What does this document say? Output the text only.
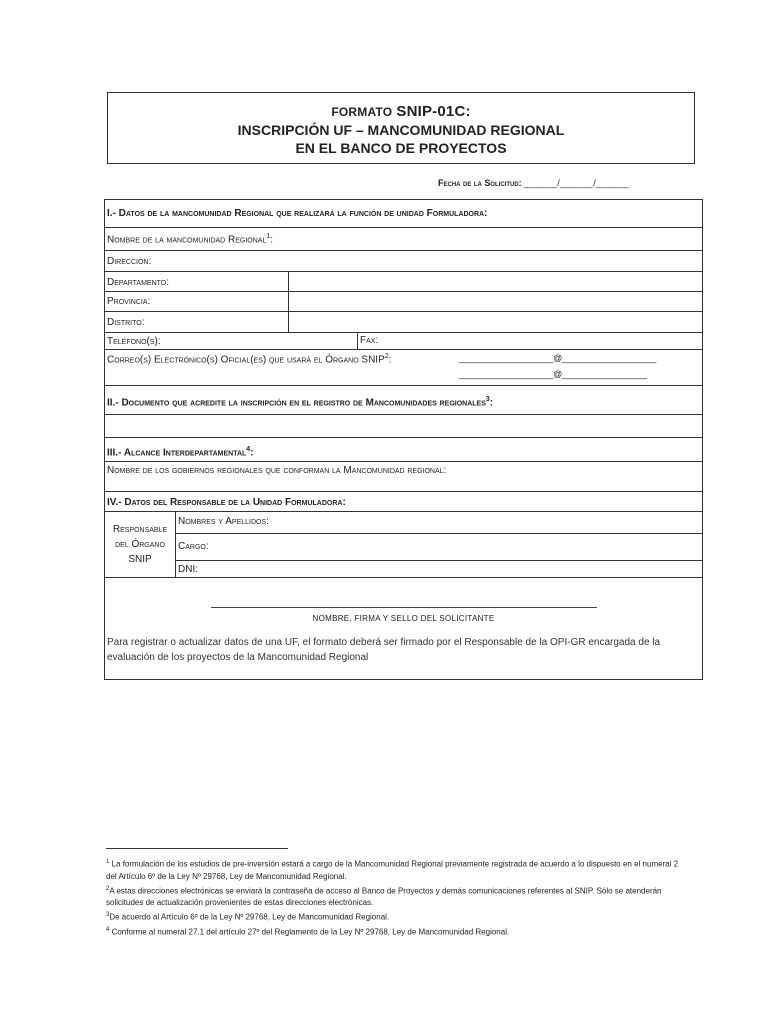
FORMATO SNIP-01C:
INSCRIPCIÓN UF – MANCOMUNIDAD REGIONAL
EN EL BANCO DE PROYECTOS
Fecha de la Solicitud: ______/______/______
I.- Datos de la mancomunidad Regional que realizará la función de unidad Formuladora:
Nombre de la mancomunidad Regional$^1$:
Dirección:
Departamento:
Provincia:
Distrito:
Teléfono(s):	Fax:
Correo(s) Electrónico(s) Oficial(es) que usará el Órgano SNIP$^2$:	____________________@____________________
____________________@__________________
II.- Documento que acredite la inscripción en el registro de Mancomunidades regionales$^3$:
III.- Alcance Interdepartamental$^4$:
Nombre de los gobiernos regionales que conforman la Mancomunidad regional:
IV.- Datos del Responsable de la Unidad Formuladora:
Responsable
del Órgano
SNIP
Nombres y Apellidos:
Cargo:
DNI:
NOMBRE, FIRMA Y SELLO DEL SOLICITANTE
Para registrar o actualizar datos de una UF, el formato deberá ser firmado por el Responsable de la OPI-GR encargada de la evaluación de los proyectos de la Mancomunidad Regional
$^1$ La formulación de los estudios de pre-inversión estará a cargo de la Mancomunidad Regional previamente registrada de acuerdo a lo dispuesto en el numeral 2 del Artículo 6º de la Ley Nº 29768, Ley de Mancomunidad Regional.
$^2$A estas direcciones electrónicas se enviará la contraseña de acceso al Banco de Proyectos y demás comunicaciones referentes al SNIP. Sólo se atenderán solicitudes de actualización provenientes de estas direcciones electrónicas.
$^3$De acuerdo al Artículo 6º de la Ley Nº 29768, Ley de Mancomunidad Regional.
$^4$ Conforme al numeral 27.1 del artículo 27º del Reglamento de la Ley Nº 29768, Ley de Mancomunidad Regional.
